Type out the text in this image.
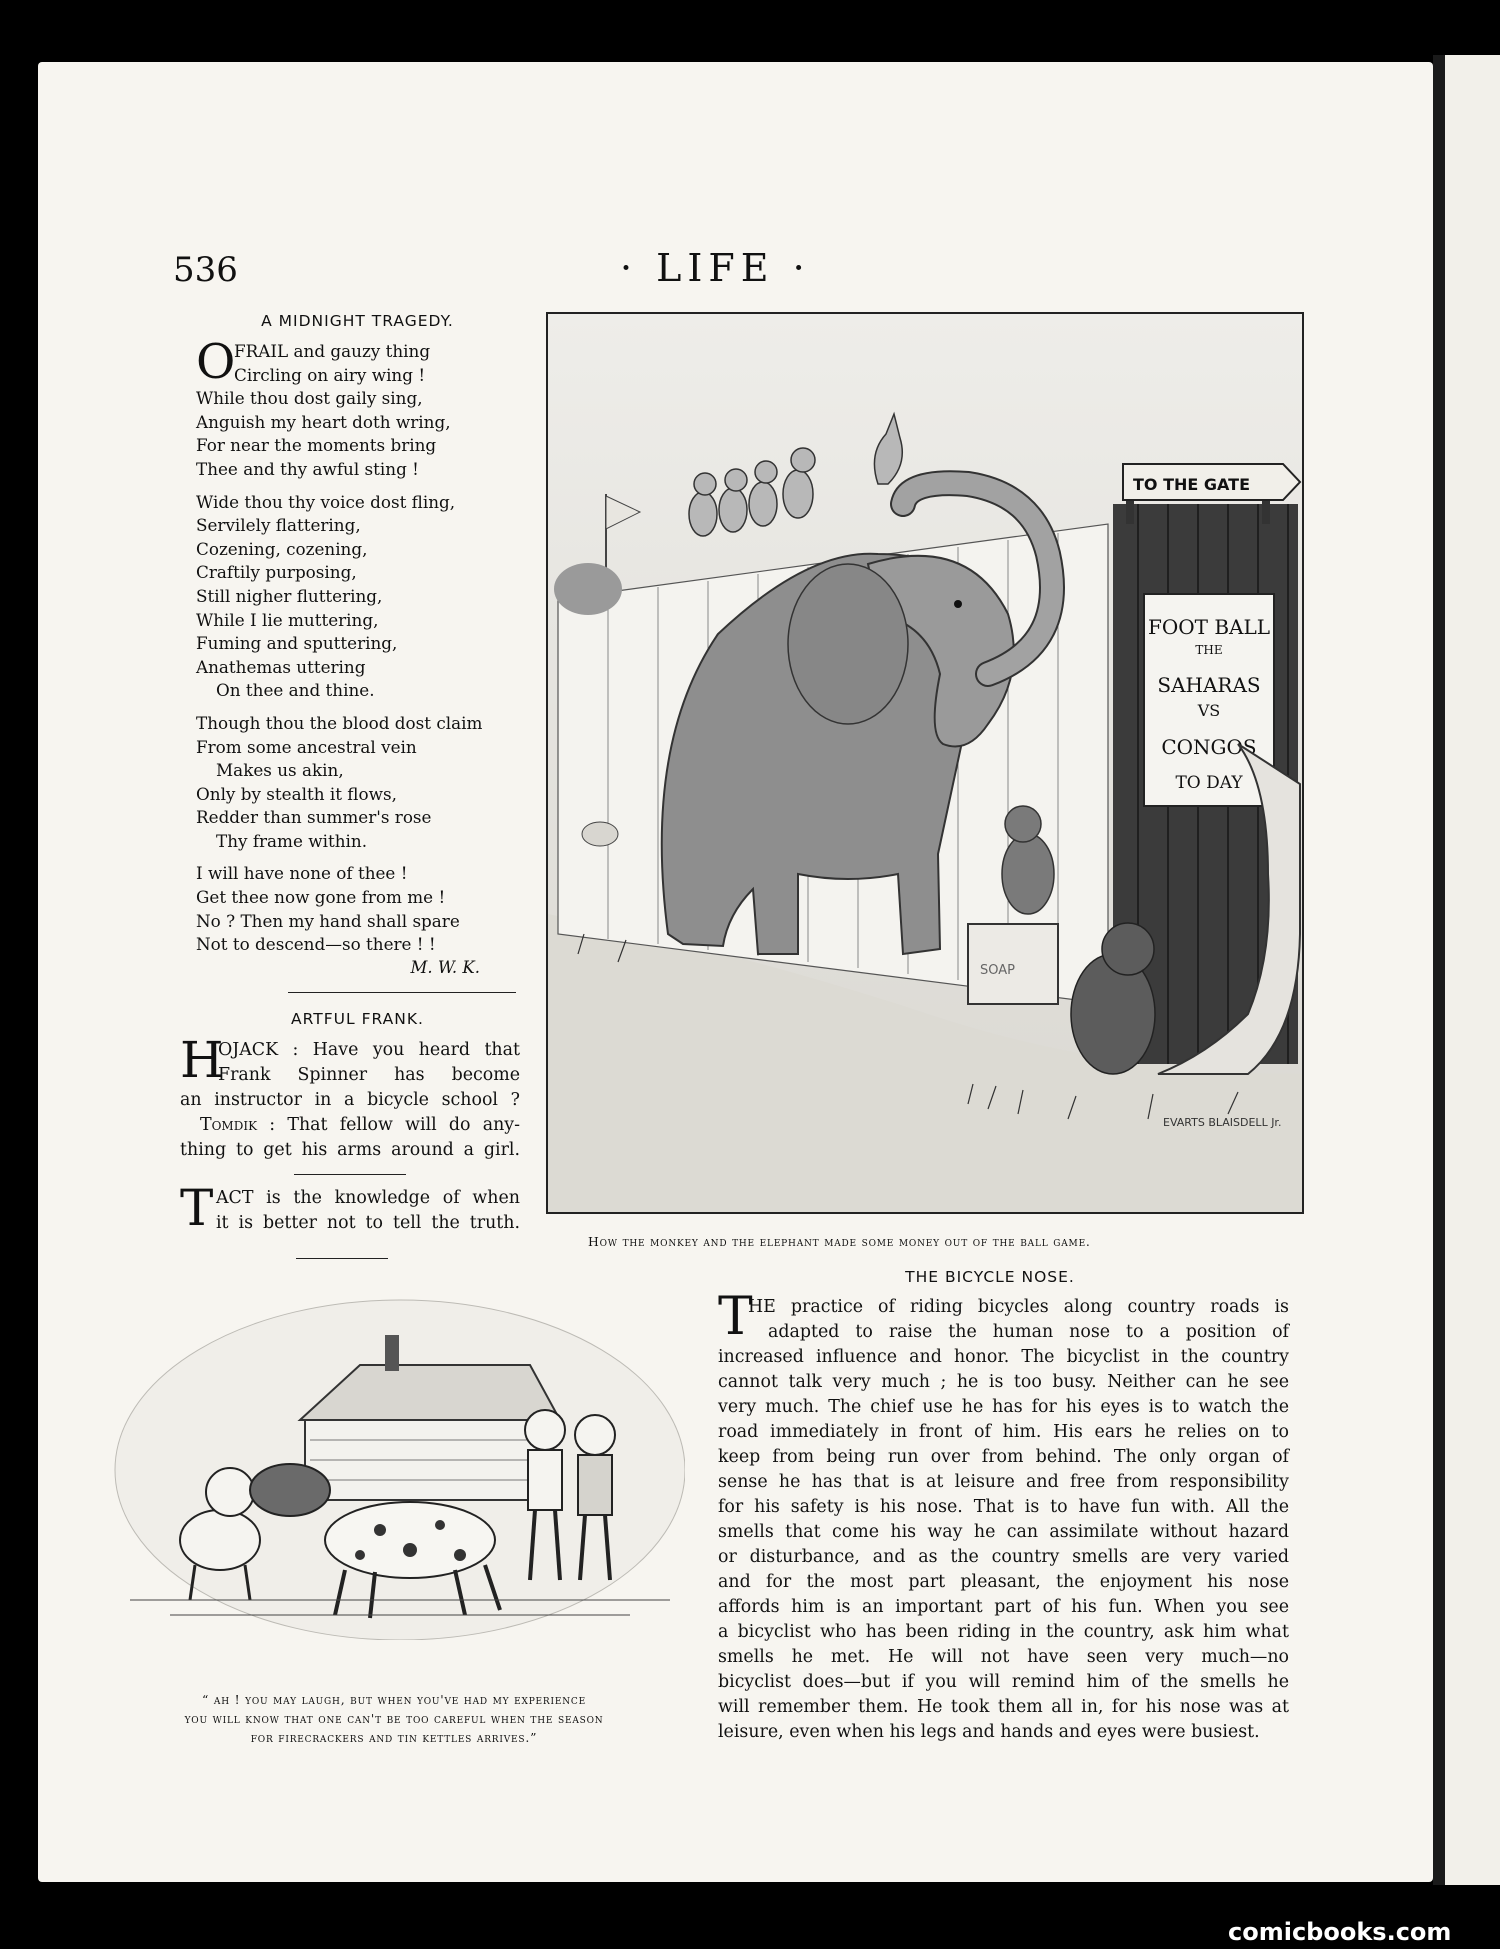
536	· LIFE ·
A MIDNIGHT TRAGEDY.
O
FRAIL and gauzy thing
Circling on airy wing !
While thou dost gaily sing,
Anguish my heart doth wring,
For near the moments bring
Thee and thy awful sting !
Wide thou thy voice dost fling,
Servilely flattering,
Cozening, cozening,
Craftily purposing,
Still nigher fluttering,
While I lie muttering,
Fuming and sputtering,
Anathemas uttering
On thee and thine.
Though thou the blood dost claim
From some ancestral vein
Makes us akin,
Only by stealth it flows,
Redder than summer's rose
Thy frame within.
I will have none of thee !
Get thee now gone from me !
No ? Then my hand shall spare
Not to descend—so there ! !
M. W. K.
ARTFUL FRANK.
H
OJACK : Have you heard that
Frank Spinner has become
an instructor in a bicycle school ?
Tomdik : That fellow will do any-
thing to get his arms around a girl.
T ACT is the knowledge of when
it is better not to tell the truth.
TO THE GATE
FOOT BALL
THE
SAHARAS
VS
CONGOS
TO DAY
SOAP
EVARTS BLAISDELL Jr.
How the monkey and the elephant made some money out of the ball game.
“ ah ! you may laugh, but when you've had my experience
you will know that one can't be too careful when the season
for firecrackers and tin kettles arrives.”
THE BICYCLE NOSE.
T
HE practice of riding bicycles along country roads is
adapted to raise the human nose to a position of
increased influence and honor. The bicyclist in the country
cannot talk very much ; he is too busy. Neither can he see
very much. The chief use he has for his eyes is to watch the
road immediately in front of him. His ears he relies on to
keep from being run over from behind. The only organ of
sense he has that is at leisure and free from responsibility
for his safety is his nose. That is to have fun with. All the
smells that come his way he can assimilate without hazard
or disturbance, and as the country smells are very varied
and for the most part pleasant, the enjoyment his nose
affords him is an important part of his fun. When you see
a bicyclist who has been riding in the country, ask him what
smells he met. He will not have seen very much—no
bicyclist does—but if you will remind him of the smells he
will remember them. He took them all in, for his nose was at
leisure, even when his legs and hands and eyes were busiest.
comicbooks.com
